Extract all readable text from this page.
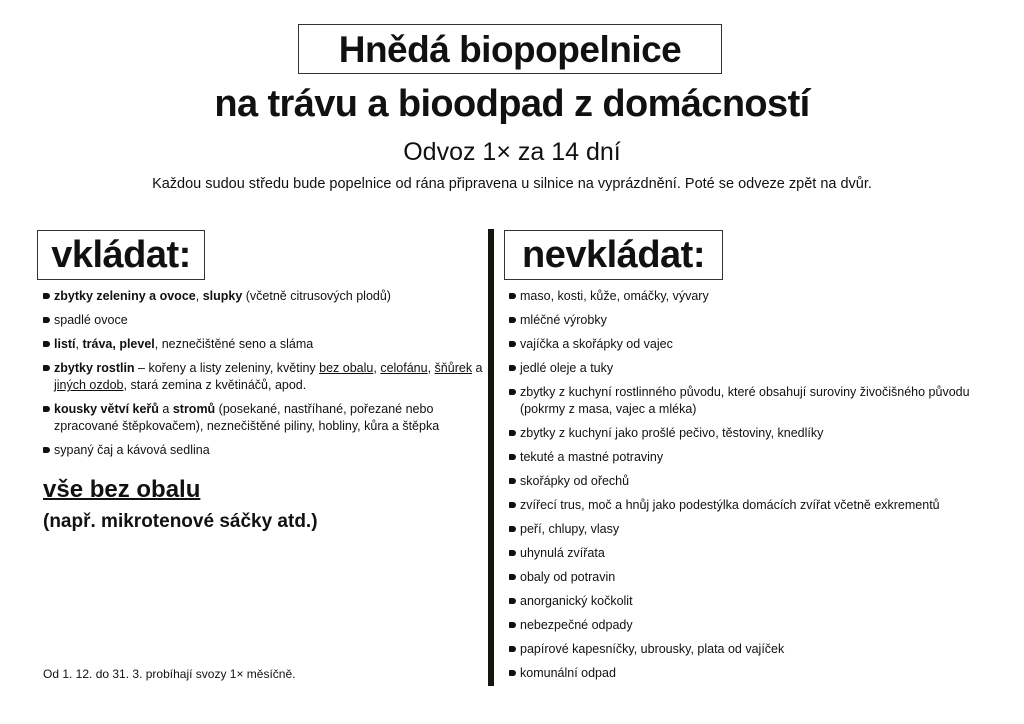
Hnědá biopopelnice
na trávu a bioodpad z domácností
Odvoz 1× za 14 dní
Každou sudou středu bude popelnice od rána připravena u silnice na vyprázdnění. Poté se odveze zpět na dvůr.
vkládat:
zbytky zeleniny a ovoce, slupky (včetně citrusových plodů)
spadlé ovoce
listí, tráva, plevel, neznečištěné seno a sláma
zbytky rostlin – kořeny a listy zeleniny, květiny bez obalu, celofánu, šňůrek a jiných ozdob, stará zemina z květináčů, apod.
kousky větví keřů a stromů (posekané, nastříhané, pořezané nebo zpracované štěpkovačem), neznečištěné piliny, hobliny, kůra a štěpka
sypaný čaj a kávová sedlina
vše bez obalu
(např. mikrotenové sáčky atd.)
Od 1. 12. do 31. 3. probíhají svozy 1× měsíčně.
nevkládat:
maso, kosti, kůže, omáčky, vývary
mléčné výrobky
vajíčka a skořápky od vajec
jedlé oleje a tuky
zbytky z kuchyní rostlinného původu, které obsahují suroviny živočišného původu (pokrmy z masa, vajec a mléka)
zbytky z kuchyní jako prošlé pečivo, těstoviny, knedlíky
tekuté a mastné potraviny
skořápky od ořechů
zvířecí trus, moč a hnůj jako podestýlka domácích zvířat včetně exkrementů
peří, chlupy, vlasy
uhynulá zvířata
obaly od potravin
anorganický kočkolit
nebezpečné odpady
papírové kapesníčky, ubrousky, plata od vajíček
komunální odpad
